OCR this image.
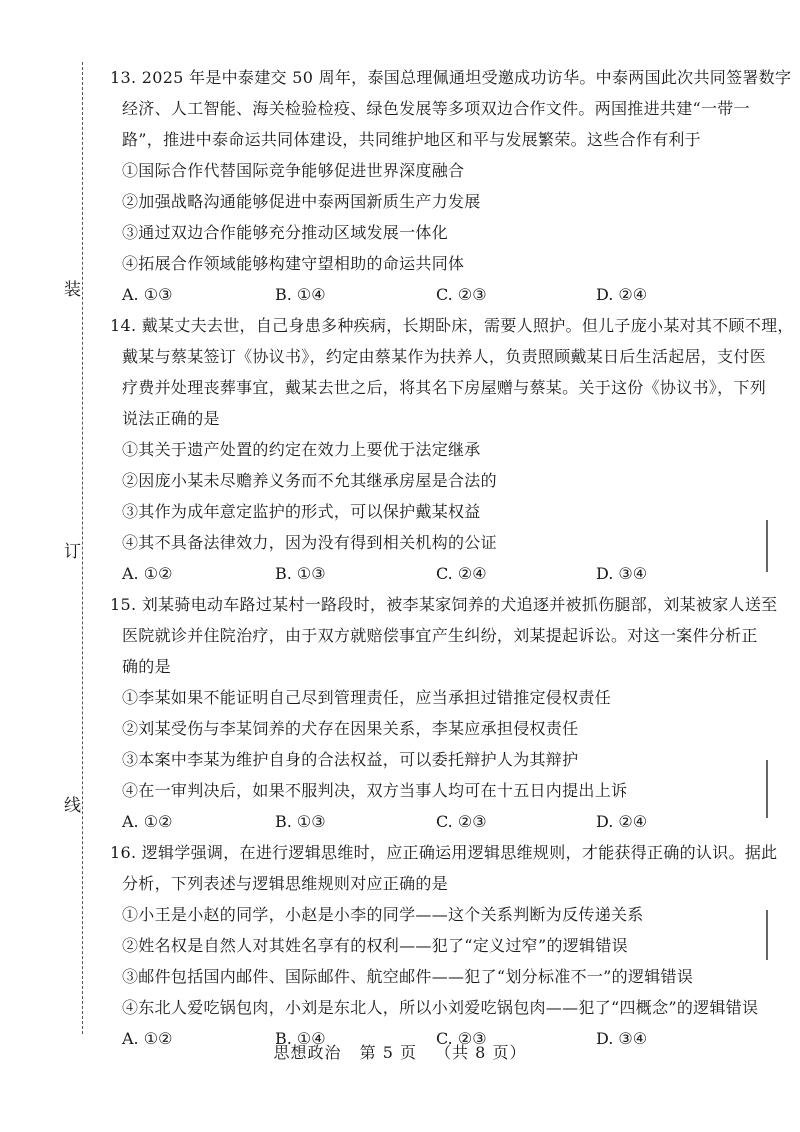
装
订
线
13. 2025 年是中泰建交 50 周年，泰国总理佩通坦受邀成功访华。中泰两国此次共同签署数字
经济、人工智能、海关检验检疫、绿色发展等多项双边合作文件。两国推进共建“一带一
路”，推进中泰命运共同体建设，共同维护地区和平与发展繁荣。这些合作有利于
①国际合作代替国际竞争能够促进世界深度融合
②加强战略沟通能够促进中泰两国新质生产力发展
③通过双边合作能够充分推动区域发展一体化
④拓展合作领域能够构建守望相助的命运共同体
A. ①③	B. ①④	C. ②③	D. ②④
14. 戴某丈夫去世，自己身患多种疾病，长期卧床，需要人照护。但儿子庞小某对其不顾不理，
戴某与蔡某签订《协议书》，约定由蔡某作为扶养人，负责照顾戴某日后生活起居，支付医
疗费并处理丧葬事宜，戴某去世之后，将其名下房屋赠与蔡某。关于这份《协议书》，下列
说法正确的是
①其关于遗产处置的约定在效力上要优于法定继承
②因庞小某未尽赡养义务而不允其继承房屋是合法的
③其作为成年意定监护的形式，可以保护戴某权益
④其不具备法律效力，因为没有得到相关机构的公证
A. ①②	B. ①③	C. ②④	D. ③④
15. 刘某骑电动车路过某村一路段时，被李某家饲养的犬追逐并被抓伤腿部，刘某被家人送至
医院就诊并住院治疗，由于双方就赔偿事宜产生纠纷，刘某提起诉讼。对这一案件分析正
确的是
①李某如果不能证明自己尽到管理责任，应当承担过错推定侵权责任
②刘某受伤与李某饲养的犬存在因果关系，李某应承担侵权责任
③本案中李某为维护自身的合法权益，可以委托辩护人为其辩护
④在一审判决后，如果不服判决，双方当事人均可在十五日内提出上诉
A. ①②	B. ①③	C. ②③	D. ②④
16. 逻辑学强调，在进行逻辑思维时，应正确运用逻辑思维规则，才能获得正确的认识。据此
分析，下列表述与逻辑思维规则对应正确的是
①小王是小赵的同学，小赵是小李的同学——这个关系判断为反传递关系
②姓名权是自然人对其姓名享有的权利——犯了“定义过窄”的逻辑错误
③邮件包括国内邮件、国际邮件、航空邮件——犯了“划分标准不一”的逻辑错误
④东北人爱吃锅包肉，小刘是东北人，所以小刘爱吃锅包肉——犯了“四概念”的逻辑错误
A. ①②	B. ①④	C. ②③	D. ③④
思想政治 第 5 页 （共 8 页）
